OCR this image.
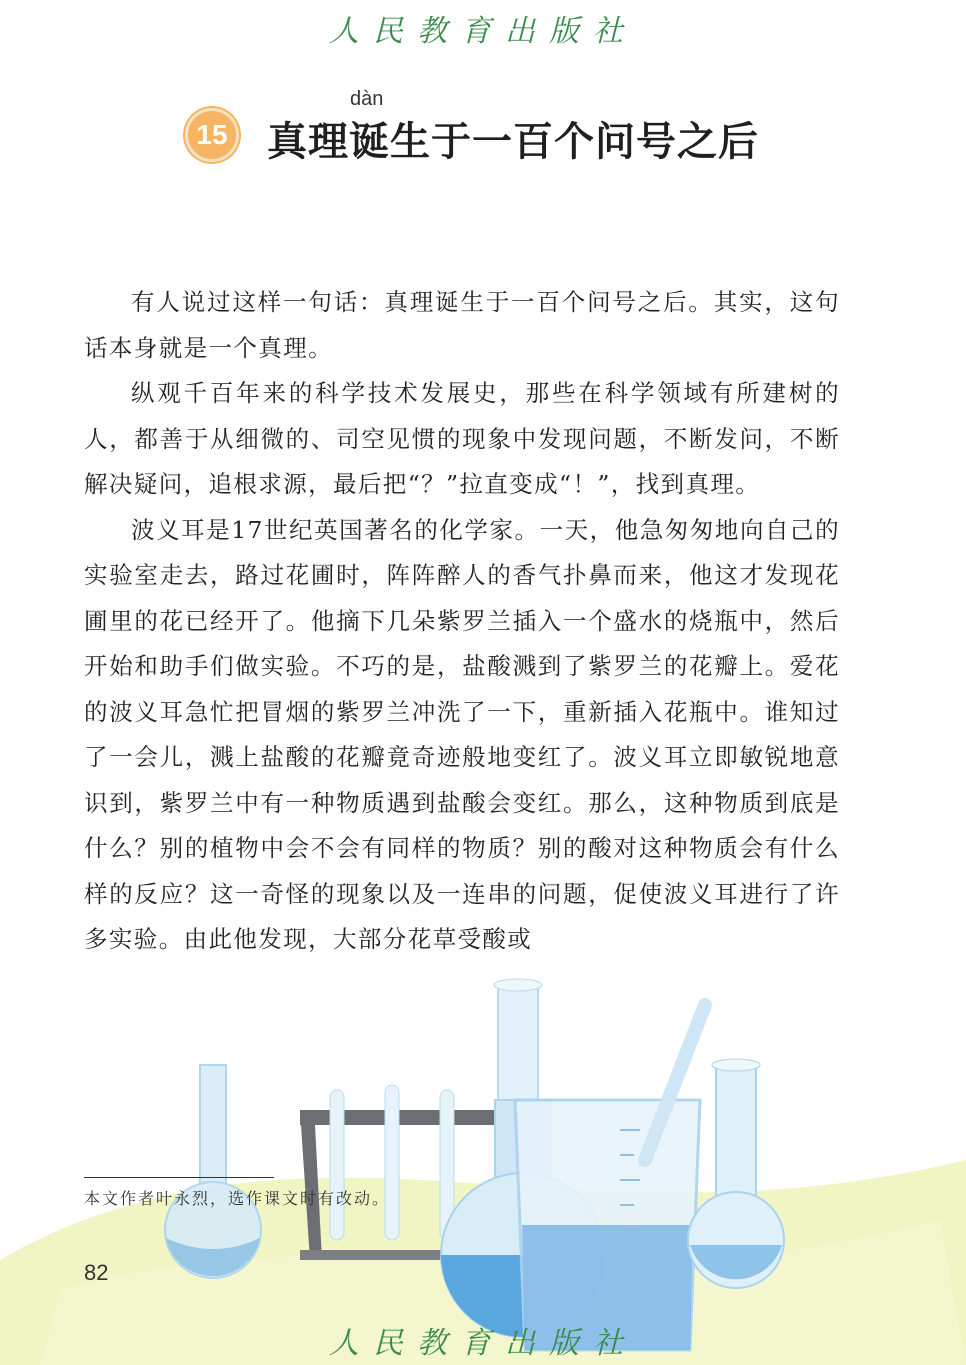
人民教育出版社
15
dàn
真理诞生于一百个问号之后

有人说过这样一句话：真理诞生于一百个问号之后。其实，这句话本身就是一个真理。

纵观千百年来的科学技术发展史，那些在科学领域有所建树的人，都善于从细微的、司空见惯的现象中发现问题，不断发问，不断解决疑问，追根求源，最后把“？”拉直变成“！”，找到真理。

波义耳是17世纪英国著名的化学家。一天，他急匆匆地向自己的实验室走去，路过花圃时，阵阵醉人的香气扑鼻而来，他这才发现花圃里的花已经开了。他摘下几朵紫罗兰插入一个盛水的烧瓶中，然后开始和助手们做实验。不巧的是，盐酸溅到了紫罗兰的花瓣上。爱花的波义耳急忙把冒烟的紫罗兰冲洗了一下，重新插入花瓶中。谁知过了一会儿，溅上盐酸的花瓣竟奇迹般地变红了。波义耳立即敏锐地意识到，紫罗兰中有一种物质遇到盐酸会变红。那么，这种物质到底是什么？别的植物中会不会有同样的物质？别的酸对这种物质会有什么样的反应？这一奇怪的现象以及一连串的问题，促使波义耳进行了许多实验。由此他发现，大部分花草受酸或

本文作者叶永烈，选作课文时有改动。
82
人民教育出版社
